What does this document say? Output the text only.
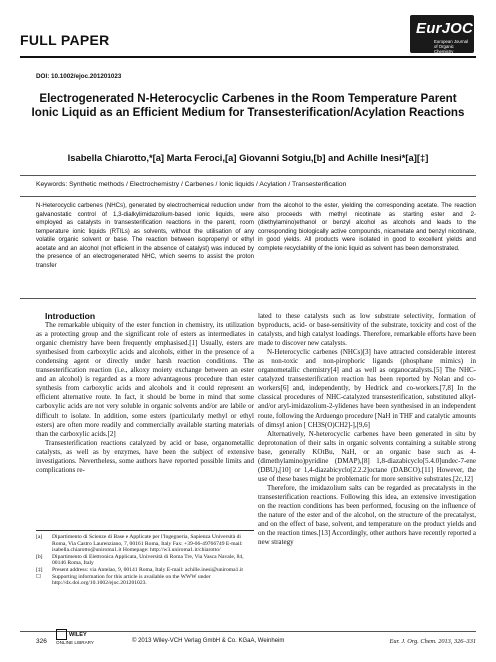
FULL PAPER
EurJOC
European Journal of Organic Chemistry
DOI: 10.1002/ejoc.201201023
Electrogenerated N-Heterocyclic Carbenes in the Room Temperature Parent Ionic Liquid as an Efficient Medium for Transesterification/Acylation Reactions
Isabella Chiarotto,*[a] Marta Feroci,[a] Giovanni Sotgiu,[b] and Achille Inesi*[a][‡]
Keywords: Synthetic methods / Electrochemistry / Carbenes / Ionic liquids / Acylation / Transesterification
N-Heterocyclic carbenes (NHCs), generated by electrochemical reduction under galvanostatic control of 1,3-dialkylimidazolium-based ionic liquids, were employed as catalysts in transesterification reactions in the parent, room temperature ionic liquids (RTILs) as solvents, without the utilisation of any volatile organic solvent or base. The reaction between isopropenyl or ethyl acetate and an alcohol (not efficient in the absence of catalyst) was induced by the presence of an electrogenerated NHC, which seems to assist the proton transfer
from the alcohol to the ester, yielding the corresponding acetate. The reaction also proceeds with methyl nicotinate as starting ester and 2-(diethylamino)ethanol or benzyl alcohol as alcohols and leads to the corresponding biologically active compounds, nicametate and benzyl nicotinate, in good yields. All products were isolated in good to excellent yields and complete recyclability of the ionic liquid as solvent has been demonstrated.

Introduction

The remarkable ubiquity of the ester function in chemistry, its utilization as a protecting group and the significant role of esters as intermediates in organic chemistry have been frequently emphasised.[1] Usually, esters are synthesised from carboxylic acids and alcohols, either in the presence of a condensing agent or directly under harsh reaction conditions. The transesterification reaction (i.e., alkoxy moiety exchange between an ester and an alcohol) is regarded as a more advantageous procedure than ester synthesis from carboxylic acids and alcohols and it could represent an efficient alternative route. In fact, it should be borne in mind that some carboxylic acids are not very soluble in organic solvents and/or are labile or difficult to isolate. In addition, some esters (particularly methyl or ethyl esters) are often more readily and commercially available starting materials than the carboxylic acids.[2]

Transesterification reactions catalyzed by acid or base, organometallic catalysts, as well as by enzymes, have been the subject of extensive investigations. Nevertheless, some authors have reported possible limits and complications re-

lated to these catalysts such as low substrate selectivity, formation of byproducts, acid- or base-sensitivity of the substrate, toxicity and cost of the catalysts, and high catalyst loadings. Therefore, remarkable efforts have been made to discover new catalysts.

N-Heterocyclic carbenes (NHCs)[3] have attracted considerable interest as non-toxic and non-pirophoric ligands (phosphane mimics) in organometallic chemistry[4] and as well as organocatalysts.[5] The NHC-catalyzed transesterification reaction has been reported by Nolan and co-workers[6] and, independently, by Hedrick and co-workers.[7,8] In the classical procedures of NHC-catalyzed transesterification, substituted alkyl- and/or aryl-imidazolium-2-ylidenes have been synthesised in an independent route, following the Arduengo procedure [NaH in THF and catalytic amounts of dimsyl anion [ CH3S(O)CH2]-],[9,6]

Alternatively, N-heterocyclic carbenes have been generated in situ by deprotonation of their salts in organic solvents containing a suitable strong base, generally KOtBu, NaH, or an organic base such as 4-(dimethylamino)pyridine (DMAP),[8] 1,8-diazabicyclo[5.4.0]undec-7-ene (DBU),[10] or 1,4-diazabicyclo[2.2.2]octane (DABCO).[11] However, the use of these bases might be problematic for more sensitive substrates.[2c,12]

Therefore, the imidazolium salts can be regarded as precatalysts in the transesterification reactions. Following this idea, an extensive investigation on the reaction conditions has been performed, focusing on the influence of the nature of the ester and of the alcohol, on the structure of the precatalyst, and on the effect of base, solvent, and temperature on the product yields and on the reaction times.[13] Accordingly, other authors have recently reported a new strategy

[a]	Dipartimento di Scienze di Base e Applicate per l'Ingegneria, Sapienza Università di Roma, Via Castro Laurenziano, 7, 00161 Roma, Italy Fax: +39-06-49766749 E-mail: isabella.chiarotto@uniroma1.it Homepage: http://w3.uniroma1.it/chiarotto/
[b]	Dipartimento di Elettronica Applicata, Università di Roma Tre, Via Vasca Navale, 84, 00146 Roma, Italy
[‡]	Present address: via Antelao, 9, 00141 Roma, Italy E-mail: achille.inesi@uniroma1.it
☐	Supporting information for this article is available on the WWW under http://dx.doi.org/10.1002/ejoc.201201023.
326
WILEY
ONLINE LIBRARY	© 2013 Wiley-VCH Verlag GmbH & Co. KGaA, Weinheim	Eur. J. Org. Chem. 2013, 326–331
